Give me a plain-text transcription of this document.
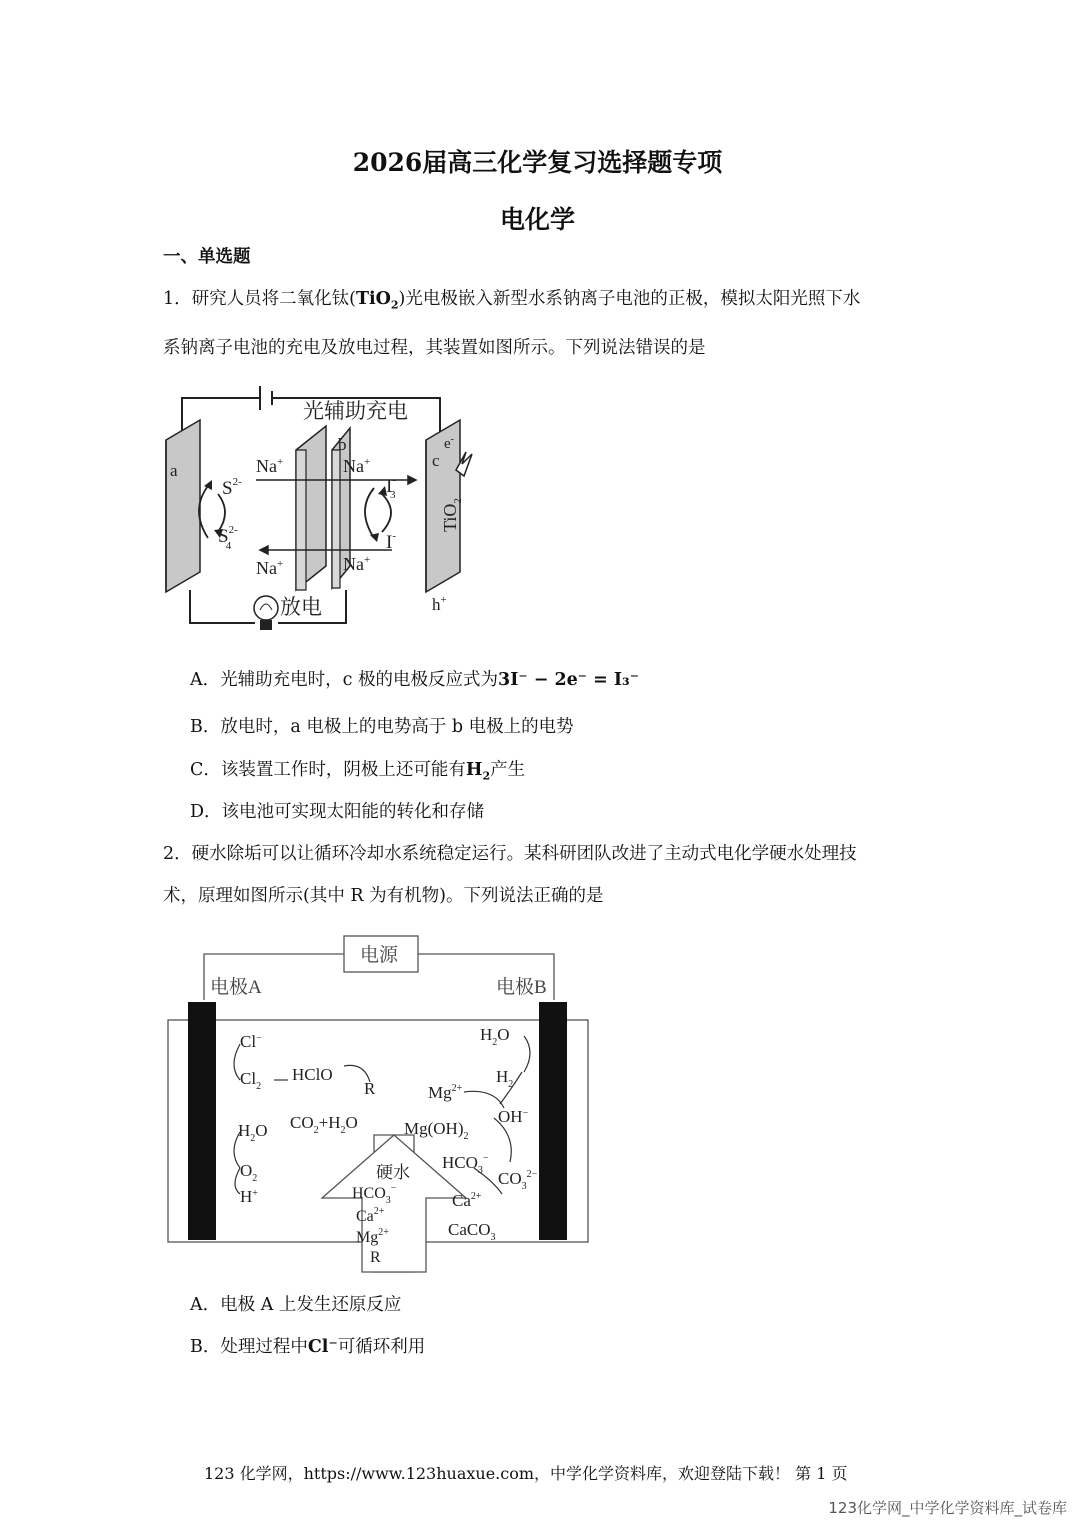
2026届高三化学复习选择题专项
电化学
一、单选题
1．研究人员将二氧化钛(TiO$_2$)光电极嵌入新型水系钠离子电池的正极，模拟太阳光照下水
系钠离子电池的充电及放电过程，其装置如图所示。下列说法错误的是
光辅助充电
a
b
c
e-
Na+	Na+
Na+	Na+
$S^{2-}$
$S^{2-}4$
I-3
I-
h+
TiO$_2$
放电
A．光辅助充电时，c 极的电极反应式为3I⁻ − 2e⁻ = I₃⁻
B．放电时，a 电极上的电势高于 b 电极上的电势
C．该装置工作时，阴极上还可能有$H_2$产生
D．该电池可实现太阳能的转化和存储
2．硬水除垢可以让循环冷却水系统稳定运行。某科研团队改进了主动式电化学硬水处理技
术，原理如图所示(其中 R 为有机物)。下列说法正确的是
电源
电极A	电极B
Cl−
$Cl_2$
HClO
R
$CO_2+H_2O$
$H_2O$
$O_2$
H+
$H_2O$
$H_2$
$Mg^{2+}$
$Mg(OH)_2$
OH−
$HCO_3^-$
$CO_3^{2-}$
$Ca^{2+}$
CaCO$_3$
硬水
$HCO_3^-$
$Ca^{2+}$
$Mg^{2+}$
R
A．电极 A 上发生还原反应
B．处理过程中Cl⁻可循环利用
123 化学网，https://www.123huaxue.com，中学化学资料库，欢迎登陆下载！ 第 1 页
123化学网_中学化学资料库_试卷库
